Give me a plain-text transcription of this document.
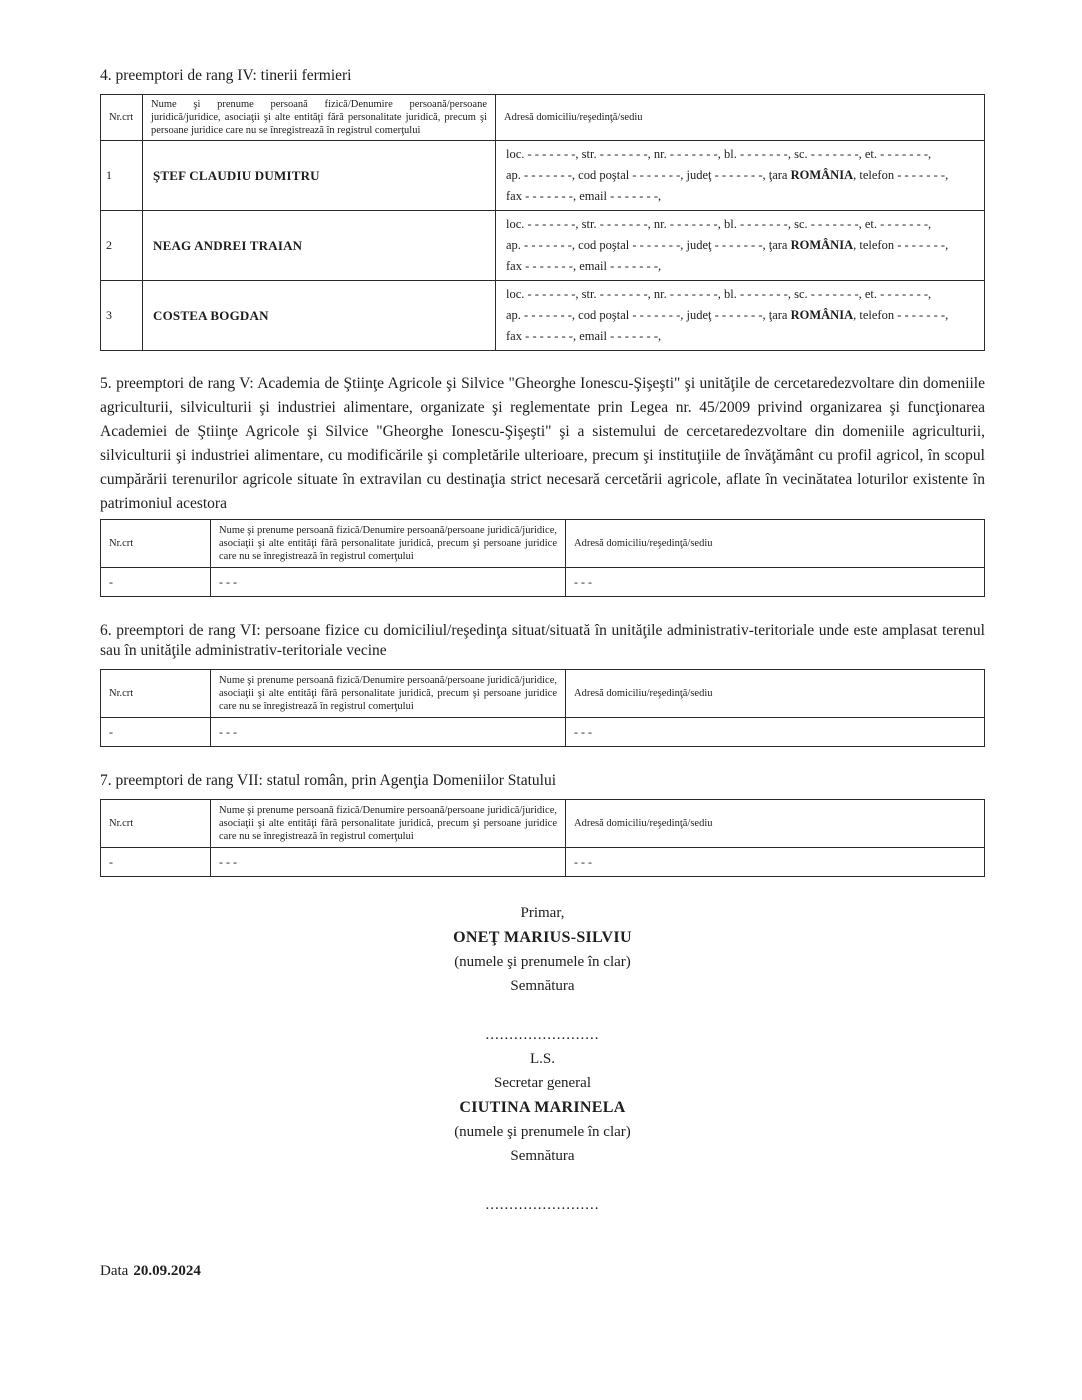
4. preemptori de rang IV: tinerii fermieri

Nr.crt	Nume şi prenume persoană fizică/Denumire persoană/persoane juridică/juridice, asociaţii şi alte entităţi fără personalitate juridică, precum şi persoane juridice care nu se înregistrează în registrul comerţului	Adresă domiciliu/reşedinţă/sediu
1	ŞTEF CLAUDIU DUMITRU	loc. - - - - - - -, str. - - - - - - -, nr. - - - - - - -, bl. - - - - - - -, sc. - - - - - - -, et. - - - - - - -,
ap. - - - - - - -, cod poştal - - - - - - -, judeţ - - - - - - -, ţara ROMÂNIA, telefon - - - - - - -,
fax - - - - - - -, email - - - - - - -,

2	NEAG ANDREI TRAIAN	loc. - - - - - - -, str. - - - - - - -, nr. - - - - - - -, bl. - - - - - - -, sc. - - - - - - -, et. - - - - - - -,
ap. - - - - - - -, cod poştal - - - - - - -, judeţ - - - - - - -, ţara ROMÂNIA, telefon - - - - - - -,
fax - - - - - - -, email - - - - - - -,

3	COSTEA BOGDAN	loc. - - - - - - -, str. - - - - - - -, nr. - - - - - - -, bl. - - - - - - -, sc. - - - - - - -, et. - - - - - - -,
ap. - - - - - - -, cod poştal - - - - - - -, judeţ - - - - - - -, ţara ROMÂNIA, telefon - - - - - - -,
fax - - - - - - -, email - - - - - - -,

5. preemptori de rang V: Academia de Ştiinţe Agricole şi Silvice "Gheorghe Ionescu-Şişeşti" şi unităţile de cercetaredezvoltare din domeniile agriculturii, silviculturii şi industriei alimentare, organizate şi reglementate prin Legea nr. 45/2009 privind organizarea şi funcţionarea Academiei de Ştiinţe Agricole şi Silvice "Gheorghe Ionescu-Şişeşti" şi a sistemului de cercetaredezvoltare din domeniile agriculturii, silviculturii şi industriei alimentare, cu modificările şi completările ulterioare, precum şi instituţiile de învăţământ cu profil agricol, în scopul cumpărării terenurilor agricole situate în extravilan cu destinaţia strict necesară cercetării agricole, aflate în vecinătatea loturilor existente în patrimoniul acestora

Nr.crt	Nume şi prenume persoană fizică/Denumire persoană/persoane juridică/juridice, asociaţii şi alte entităţi fără personalitate juridică, precum şi persoane juridice care nu se înregistrează în registrul comerţului	Adresă domiciliu/reşedinţă/sediu
-	- - -	- - -

6. preemptori de rang VI: persoane fizice cu domiciliul/reşedinţa situat/situată în unităţile administrativ-teritoriale unde este amplasat terenul sau în unităţile administrativ-teritoriale vecine

Nr.crt	Nume şi prenume persoană fizică/Denumire persoană/persoane juridică/juridice, asociaţii şi alte entităţi fără personalitate juridică, precum şi persoane juridice care nu se înregistrează în registrul comerţului	Adresă domiciliu/reşedinţă/sediu
-	- - -	- - -

7. preemptori de rang VII: statul român, prin Agenţia Domeniilor Statului

Nr.crt	Nume şi prenume persoană fizică/Denumire persoană/persoane juridică/juridice, asociaţii şi alte entităţi fără personalitate juridică, precum şi persoane juridice care nu se înregistrează în registrul comerţului	Adresă domiciliu/reşedinţă/sediu
-	- - -	- - -
Primar,
ONEŢ MARIUS-SILVIU
(numele şi prenumele în clar)
Semnătura
........................
L.S.
Secretar general
CIUTINA MARINELA
(numele şi prenumele în clar)
Semnătura
........................
Data 20.09.2024
